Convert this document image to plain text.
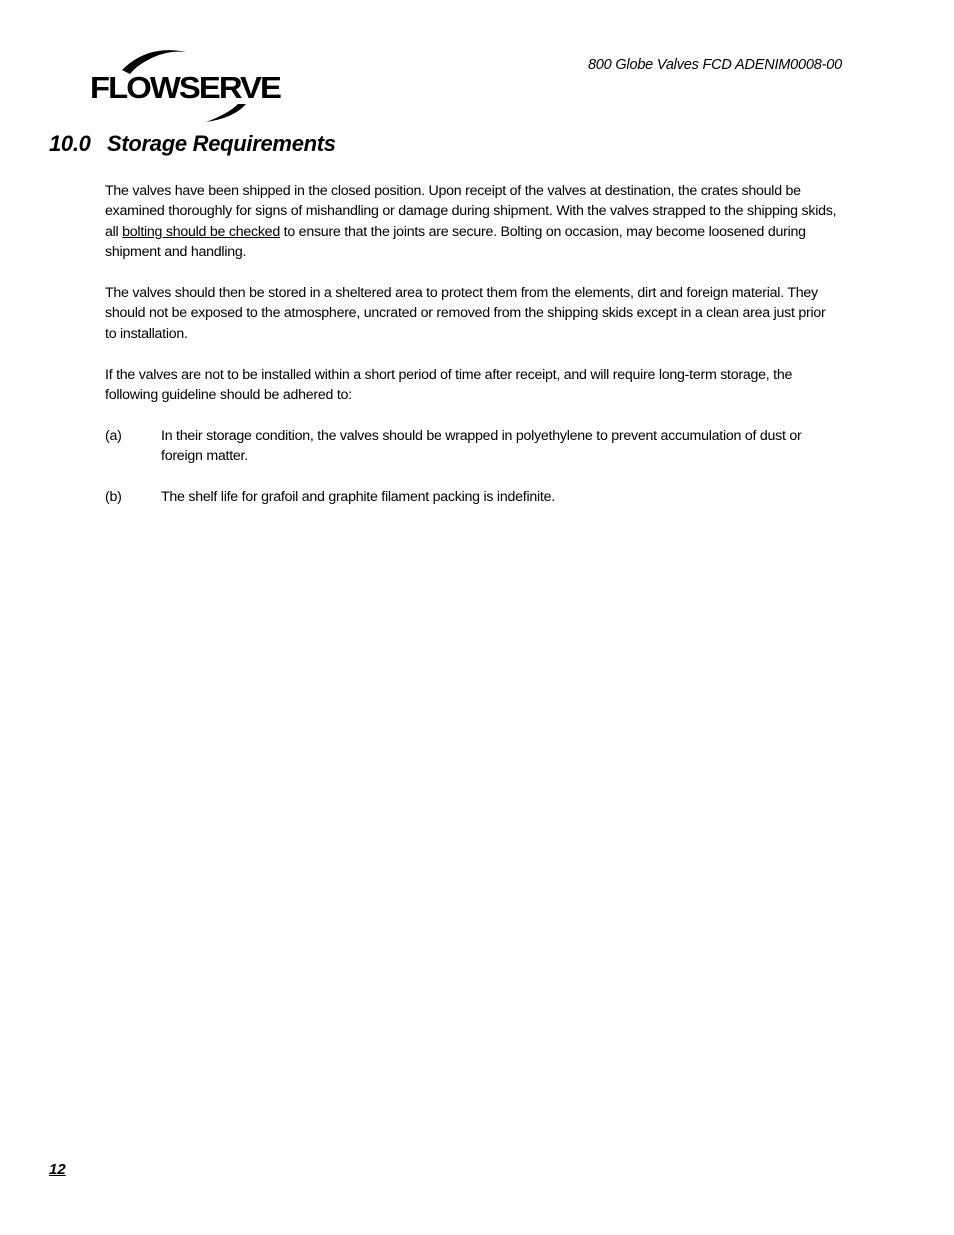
800 Globe Valves FCD ADENIM0008-00
FLOWSERVE
10.0 Storage Requirements

The valves have been shipped in the closed position. Upon receipt of the valves at destination, the crates should be examined thoroughly for signs of mishandling or damage during shipment. With the valves strapped to the shipping skids, all bolting should be checked to ensure that the joints are secure. Bolting on occasion, may become loosened during shipment and handling.

The valves should then be stored in a sheltered area to protect them from the elements, dirt and foreign material. They should not be exposed to the atmosphere, uncrated or removed from the shipping skids except in a clean area just prior to installation.

If the valves are not to be installed within a short period of time after receipt, and will require long-term storage, the following guideline should be adhered to:

(a)	In their storage condition, the valves should be wrapped in polyethylene to prevent accumulation of dust or foreign matter.
(b)	The shelf life for grafoil and graphite filament packing is indefinite.
12
